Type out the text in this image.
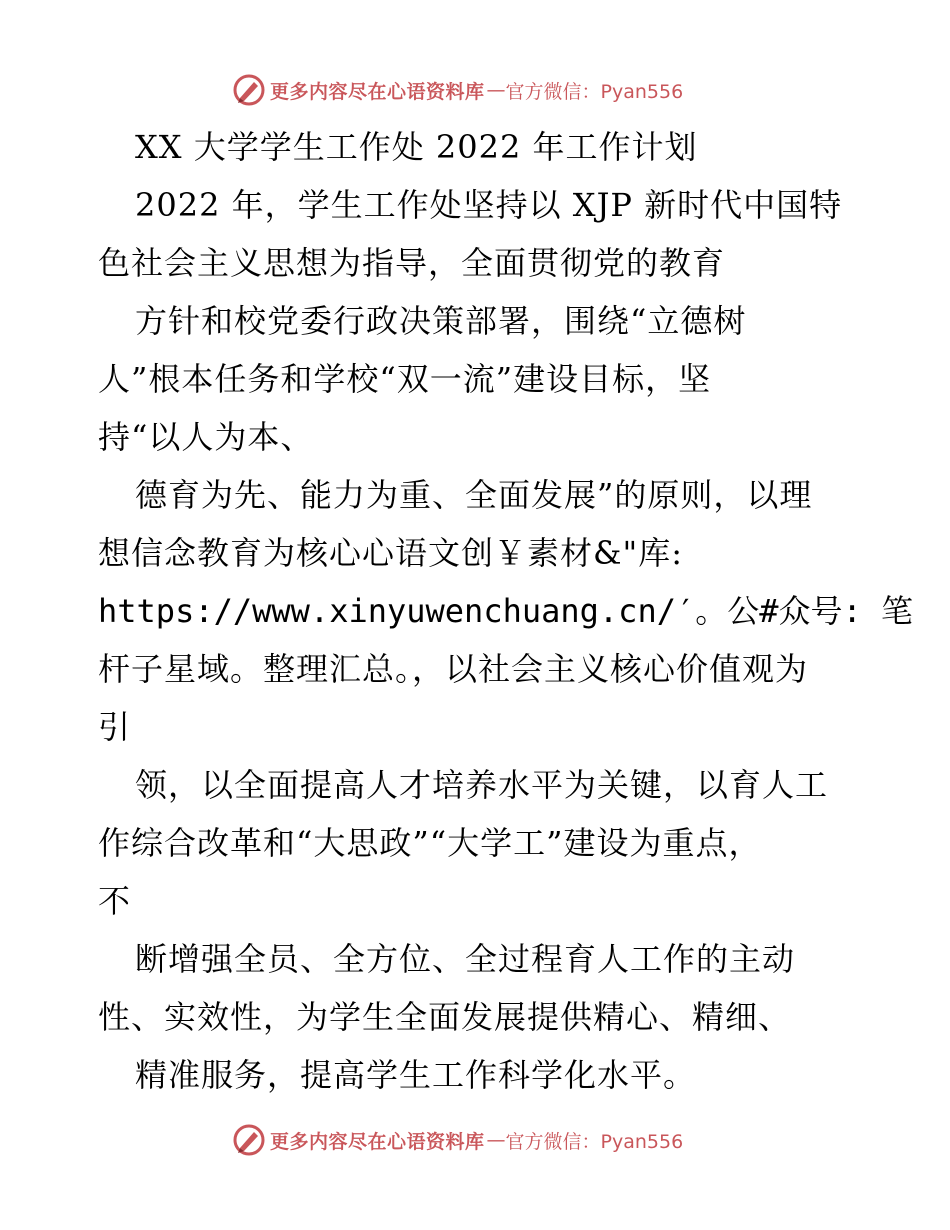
更多内容尽在心语资料库 — 官方微信：Pyan556
XX 大学学生工作处 2022 年工作计划
2022 年，学生工作处坚持以 XJP 新时代中国特
色社会主义思想为指导，全面贯彻党的教育
方针和校党委行政决策部署，围绕“立德树
人”根本任务和学校“双一流”建设目标，坚
持“以人为本、
德育为先、能力为重、全面发展”的原则，以理
想信念教育为核心心语文创￥素材&"库:
https://www.xinyuwenchuang.cn/′。公#众号: 笔
杆子星域。整理汇总。，以社会主义核心价值观为
引
领，以全面提高人才培养水平为关键，以育人工
作综合改革和“大思政”“大学工”建设为重点，
不
断增强全员、全方位、全过程育人工作的主动
性、实效性，为学生全面发展提供精心、精细、
精准服务，提高学生工作科学化水平。
更多内容尽在心语资料库 — 官方微信：Pyan556
